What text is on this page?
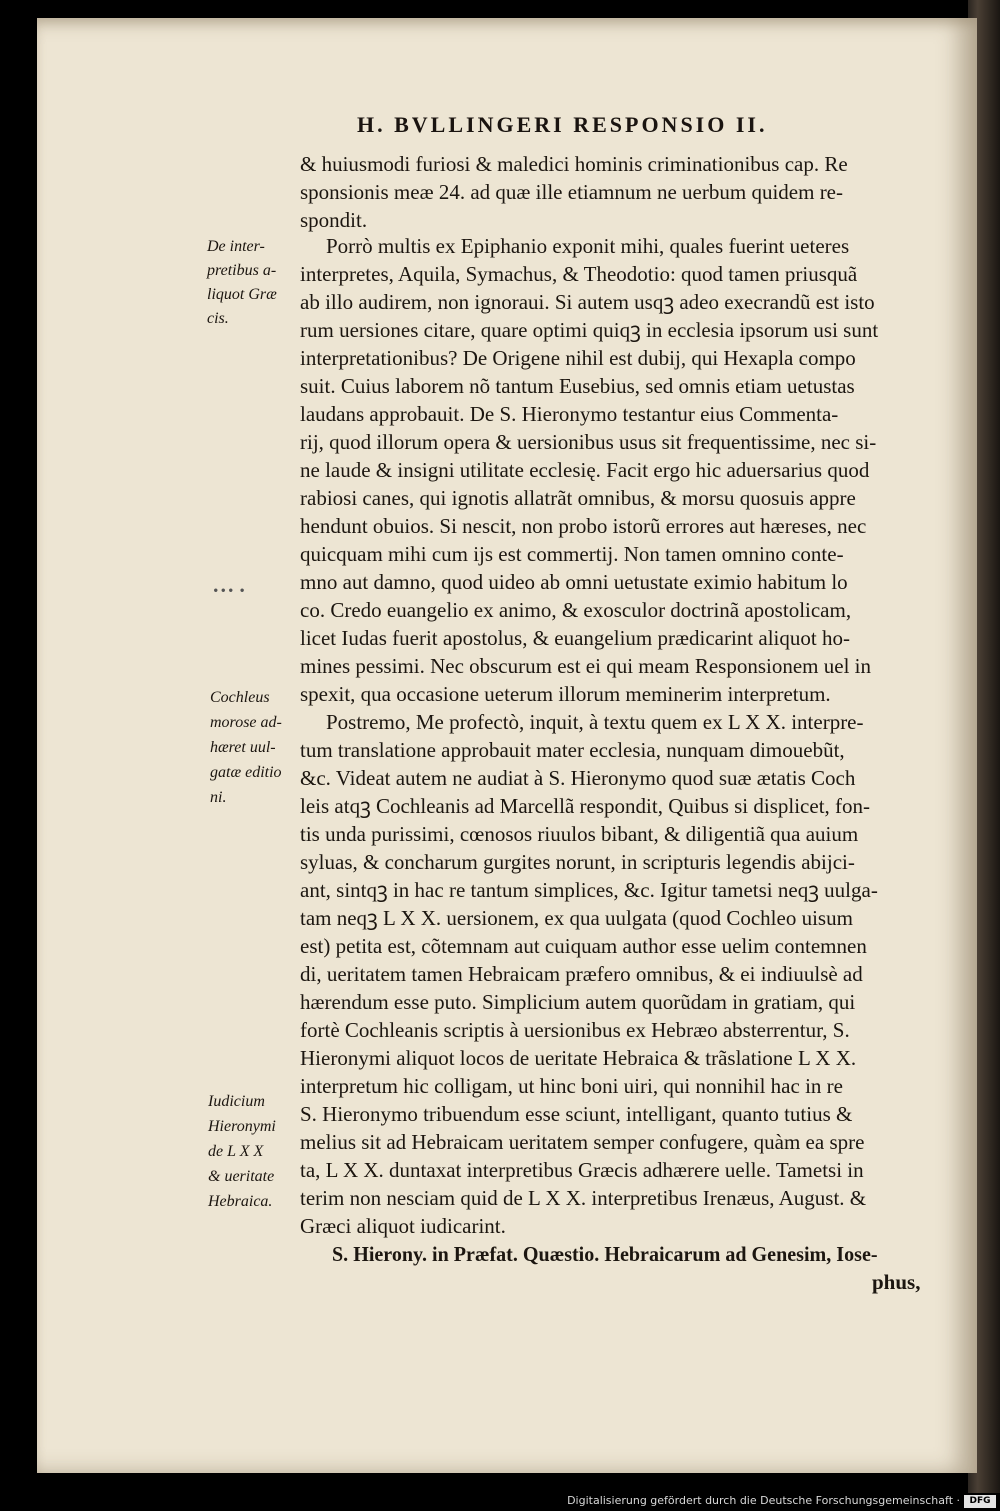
H. BVLLINGERI RESPONSIO II.
& huiusmodi furiosi & maledici hominis criminationibus cap. Re
sponsionis meæ 24. ad quæ ille etiamnum ne uerbum quidem re-
spondit.
Porrò multis ex Epiphanio exponit mihi, quales fuerint ueteres
interpretes, Aquila, Symachus, & Theodotio: quod tamen priusquã
ab illo audirem, non ignoraui. Si autem usqꝫ adeo execrandũ est isto
rum uersiones citare, quare optimi quiqꝫ in ecclesia ipsorum usi sunt
interpretationibus? De Origene nihil est dubij, qui Hexapla compo
suit. Cuius laborem nõ tantum Eusebius, sed omnis etiam uetustas
laudans approbauit. De S. Hieronymo testantur eius Commenta-
rij, quod illorum opera & uersionibus usus sit frequentissime, nec si-
ne laude & insigni utilitate ecclesię. Facit ergo hic aduersarius quod
rabiosi canes, qui ignotis allatrãt omnibus, & morsu quosuis appre
hendunt obuios. Si nescit, non probo istorũ errores aut hæreses, nec
quicquam mihi cum ijs est commertij. Non tamen omnino conte-
mno aut damno, quod uideo ab omni uetustate eximio habitum lo
co. Credo euangelio ex animo, & exosculor doctrinã apostolicam,
licet Iudas fuerit apostolus, & euangelium prædicarint aliquot ho-
mines pessimi. Nec obscurum est ei qui meam Responsionem uel in
spexit, qua occasione ueterum illorum meminerim interpretum.
Postremo, Me profectò, inquit, à textu quem ex L X X. interpre-
tum translatione approbauit mater ecclesia, nunquam dimouebũt,
&c. Videat autem ne audiat à S. Hieronymo quod suæ ætatis Coch
leis atqꝫ Cochleanis ad Marcellã respondit, Quibus si displicet, fon-
tis unda purissimi, cœnosos riuulos bibant, & diligentiã qua auium
syluas, & concharum gurgites norunt, in scripturis legendis abijci-
ant, sintqꝫ in hac re tantum simplices, &c. Igitur tametsi neqꝫ uulga-
tam neqꝫ L X X. uersionem, ex qua uulgata (quod Cochleo uisum
est) petita est, cõtemnam aut cuiquam author esse uelim contemnen
di, ueritatem tamen Hebraicam præfero omnibus, & ei indiuulsè ad
hærendum esse puto. Simplicium autem quorũdam in gratiam, qui
fortè Cochleanis scriptis à uersionibus ex Hebræo absterrentur, S.
Hieronymi aliquot locos de ueritate Hebraica & trãslatione L X X.
interpretum hic colligam, ut hinc boni uiri, qui nonnihil hac in re
S. Hieronymo tribuendum esse sciunt, intelligant, quanto tutius &
melius sit ad Hebraicam ueritatem semper confugere, quàm ea spre
ta, L X X. duntaxat interpretibus Græcis adhærere uelle. Tametsi in
terim non nesciam quid de L X X. interpretibus Irenæus, August. &
Græci aliquot iudicarint.
S. Hierony. in Præfat. Quæstio. Hebraicarum ad Genesim, Iose-
phus,
De inter-
pretibus a-
liquot Græ
cis.
Cochleus
morose ad-
hæret uul-
gatæ editio
ni.
Iudicium
Hieronymi
de L X X
& ueritate
Hebraica.
∙∙∙ ∙
Digitalisierung gefördert durch die Deutsche Forschungsgemeinschaft ·	DFG
